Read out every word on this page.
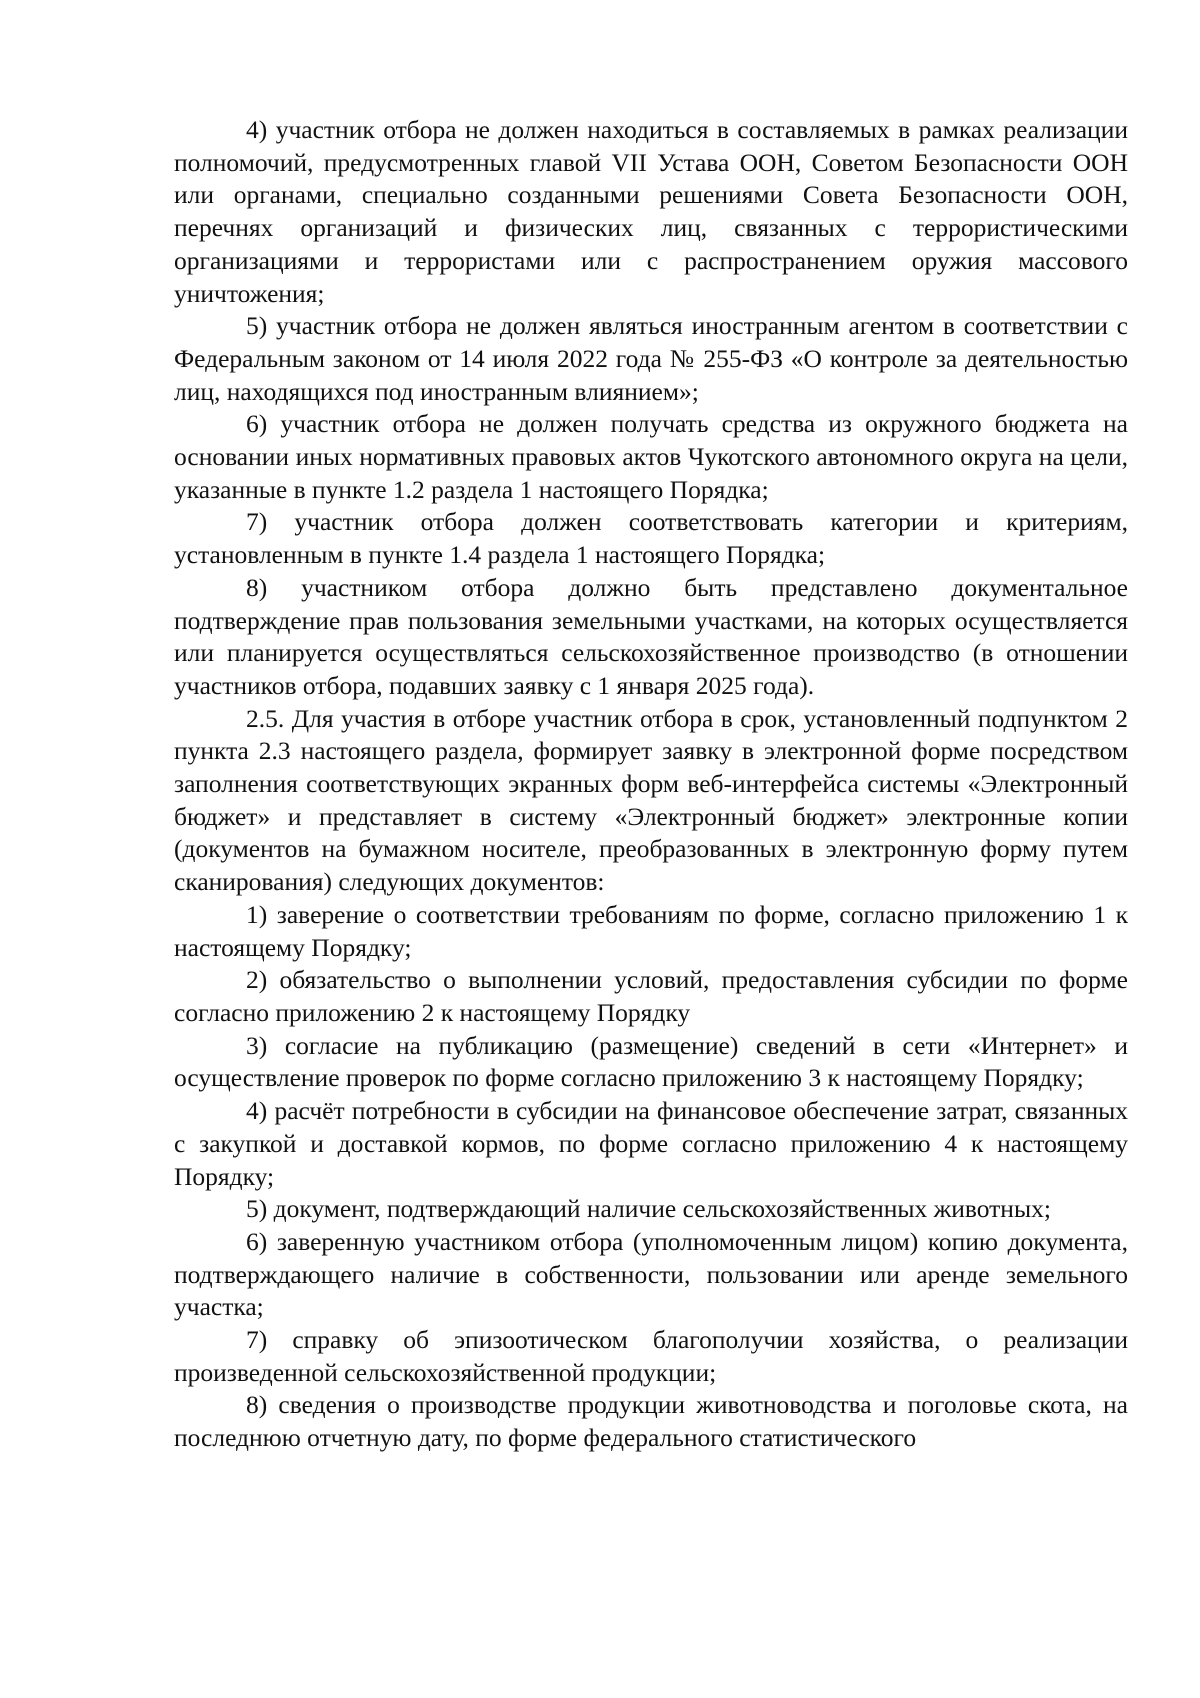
4) участник отбора не должен находиться в составляемых в рамках реализации полномочий, предусмотренных главой VII Устава ООН, Советом Безопасности ООН или органами, специально созданными решениями Совета Безопасности ООН, перечнях организаций и физических лиц, связанных с террористическими организациями и террористами или с распространением оружия массового уничтожения;

5) участник отбора не должен являться иностранным агентом в соответствии с Федеральным законом от 14 июля 2022 года № 255-ФЗ «О контроле за деятельностью лиц, находящихся под иностранным влиянием»;

6) участник отбора не должен получать средства из окружного бюджета на основании иных нормативных правовых актов Чукотского автономного округа на цели, указанные в пункте 1.2 раздела 1 настоящего Порядка;

7) участник отбора должен соответствовать категории и критериям, установленным в пункте 1.4 раздела 1 настоящего Порядка;

8) участником отбора должно быть представлено документальное подтверждение прав пользования земельными участками, на которых осуществляется или планируется осуществляться сельскохозяйственное производство (в отношении участников отбора, подавших заявку с 1 января 2025 года).

2.5. Для участия в отборе участник отбора в срок, установленный подпунктом 2 пункта 2.3 настоящего раздела, формирует заявку в электронной форме посредством заполнения соответствующих экранных форм веб-интерфейса системы «Электронный бюджет» и представляет в систему «Электронный бюджет» электронные копии (документов на бумажном носителе, преобразованных в электронную форму путем сканирования) следующих документов:

1) заверение о соответствии требованиям по форме, согласно приложению 1 к настоящему Порядку;

2) обязательство о выполнении условий, предоставления субсидии по форме согласно приложению 2 к настоящему Порядку

3) согласие на публикацию (размещение) сведений в сети «Интернет» и осуществление проверок по форме согласно приложению 3 к настоящему Порядку;

4) расчёт потребности в субсидии на финансовое обеспечение затрат, связанных с закупкой и доставкой кормов, по форме согласно приложению 4 к настоящему Порядку;

5) документ, подтверждающий наличие сельскохозяйственных животных;

6) заверенную участником отбора (уполномоченным лицом) копию документа, подтверждающего наличие в собственности, пользовании или аренде земельного участка;

7) справку об эпизоотическом благополучии хозяйства, о реализации произведенной сельскохозяйственной продукции;

8) сведения о производстве продукции животноводства и поголовье скота, на последнюю отчетную дату, по форме федерального статистического
